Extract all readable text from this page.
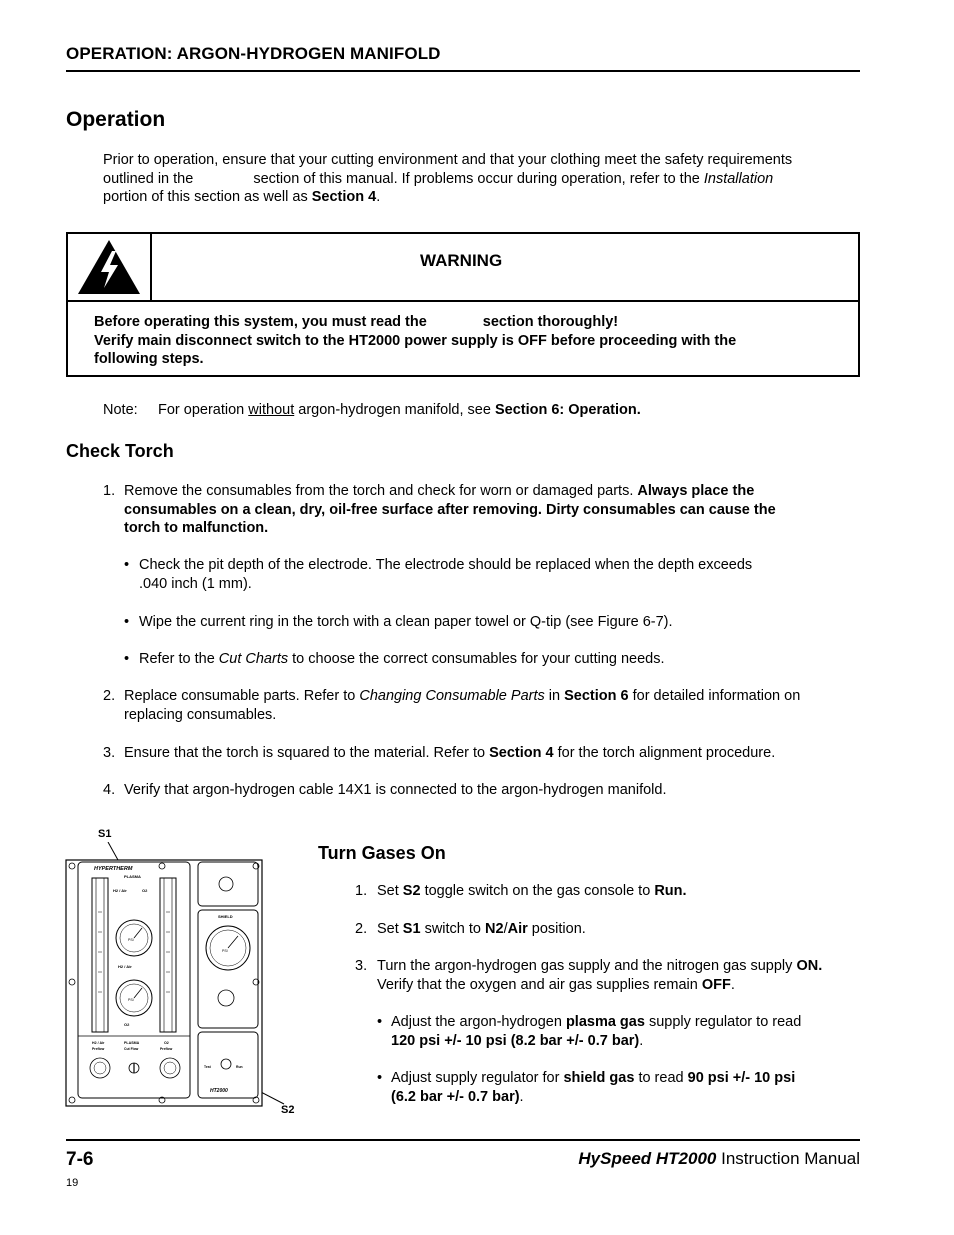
OPERATION: ARGON-HYDROGEN MANIFOLD
Operation
Prior to operation, ensure that your cutting environment and that your clothing meet the safety requirements
outlined in the	section of this manual. If problems occur during operation, refer to the Installation
portion of this section as well as Section 4.
WARNING
Before operating this system, you must read the	section thoroughly!
Verify main disconnect switch to the HT2000 power supply is OFF before proceeding with the
following steps.
Note: For operation without argon-hydrogen manifold, see Section 6: Operation.
Check Torch
1. Remove the consumables from the torch and check for worn or damaged parts. Always place the
consumables on a clean, dry, oil-free surface after removing. Dirty consumables can cause the
torch to malfunction.
• Check the pit depth of the electrode. The electrode should be replaced when the depth exceeds
.040 inch (1 mm).
• Wipe the current ring in the torch with a clean paper towel or Q-tip (see Figure 6-7).
• Refer to the Cut Charts to choose the correct consumables for your cutting needs.
2. Replace consumable parts. Refer to Changing Consumable Parts in Section 6 for detailed information on
replacing consumables.
3. Ensure that the torch is squared to the material. Refer to Section 4 for the torch alignment procedure.
4. Verify that argon-hydrogen cable 14X1 is connected to the argon-hydrogen manifold.
S1
S2
HYPERTHERM
PLASMA
H2 / Air	O2
PSI
H2 / Air
PSI
O2
H2 / Air
Preflow
PLASMA
Cut Flow
O2
Preflow
SHIELD
PSI
Test	Run
HT2000
Turn Gases On
1. Set S2 toggle switch on the gas console to Run.
2. Set S1 switch to N2/Air position.
3. Turn the argon-hydrogen gas supply and the nitrogen gas supply ON.
Verify that the oxygen and air gas supplies remain OFF.
• Adjust the argon-hydrogen plasma gas supply regulator to read
120 psi +/- 10 psi (8.2 bar +/- 0.7 bar).
• Adjust supply regulator for shield gas to read 90 psi +/- 10 psi
(6.2 bar +/- 0.7 bar).
7-6	HySpeed HT2000 Instruction Manual
19
